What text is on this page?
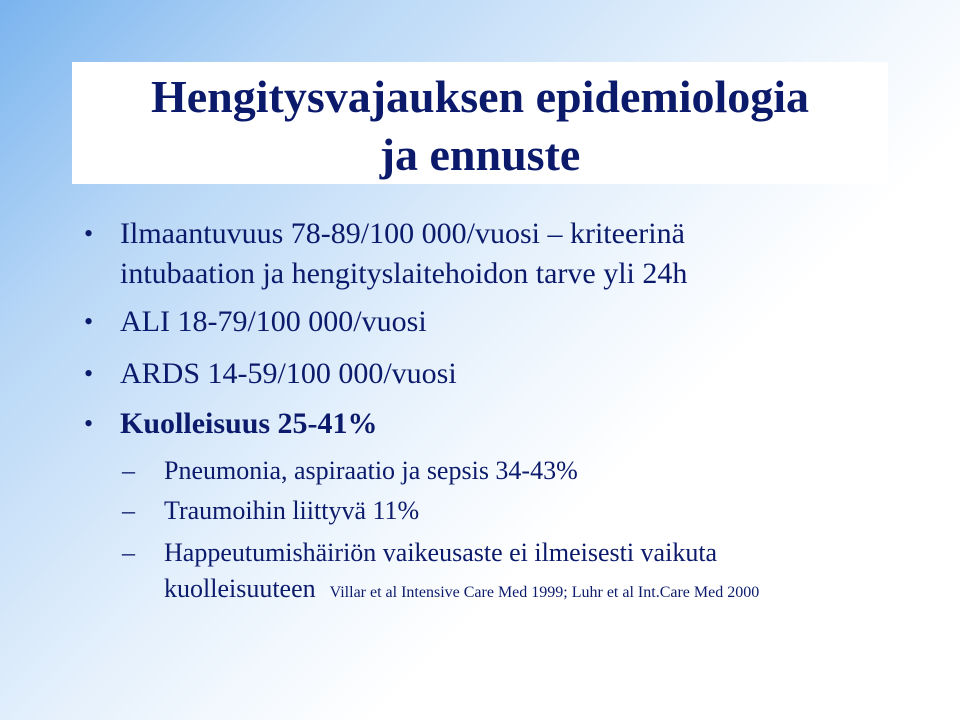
Hengitysvajauksen epidemiologia
ja ennuste
• Ilmaantuvuus 78-89/100 000/vuosi – kriteerinä
intubaation ja hengityslaitehoidon tarve yli 24h
• ALI 18-79/100 000/vuosi
• ARDS 14-59/100 000/vuosi
• Kuolleisuus 25-41%
–	Pneumonia, aspiraatio ja sepsis 34-43%
–	Traumoihin liittyvä 11%
–	Happeutumishäiriön vaikeusaste ei ilmeisesti vaikuta
kuolleisuuteen Villar et al Intensive Care Med 1999; Luhr et al Int.Care Med 2000
